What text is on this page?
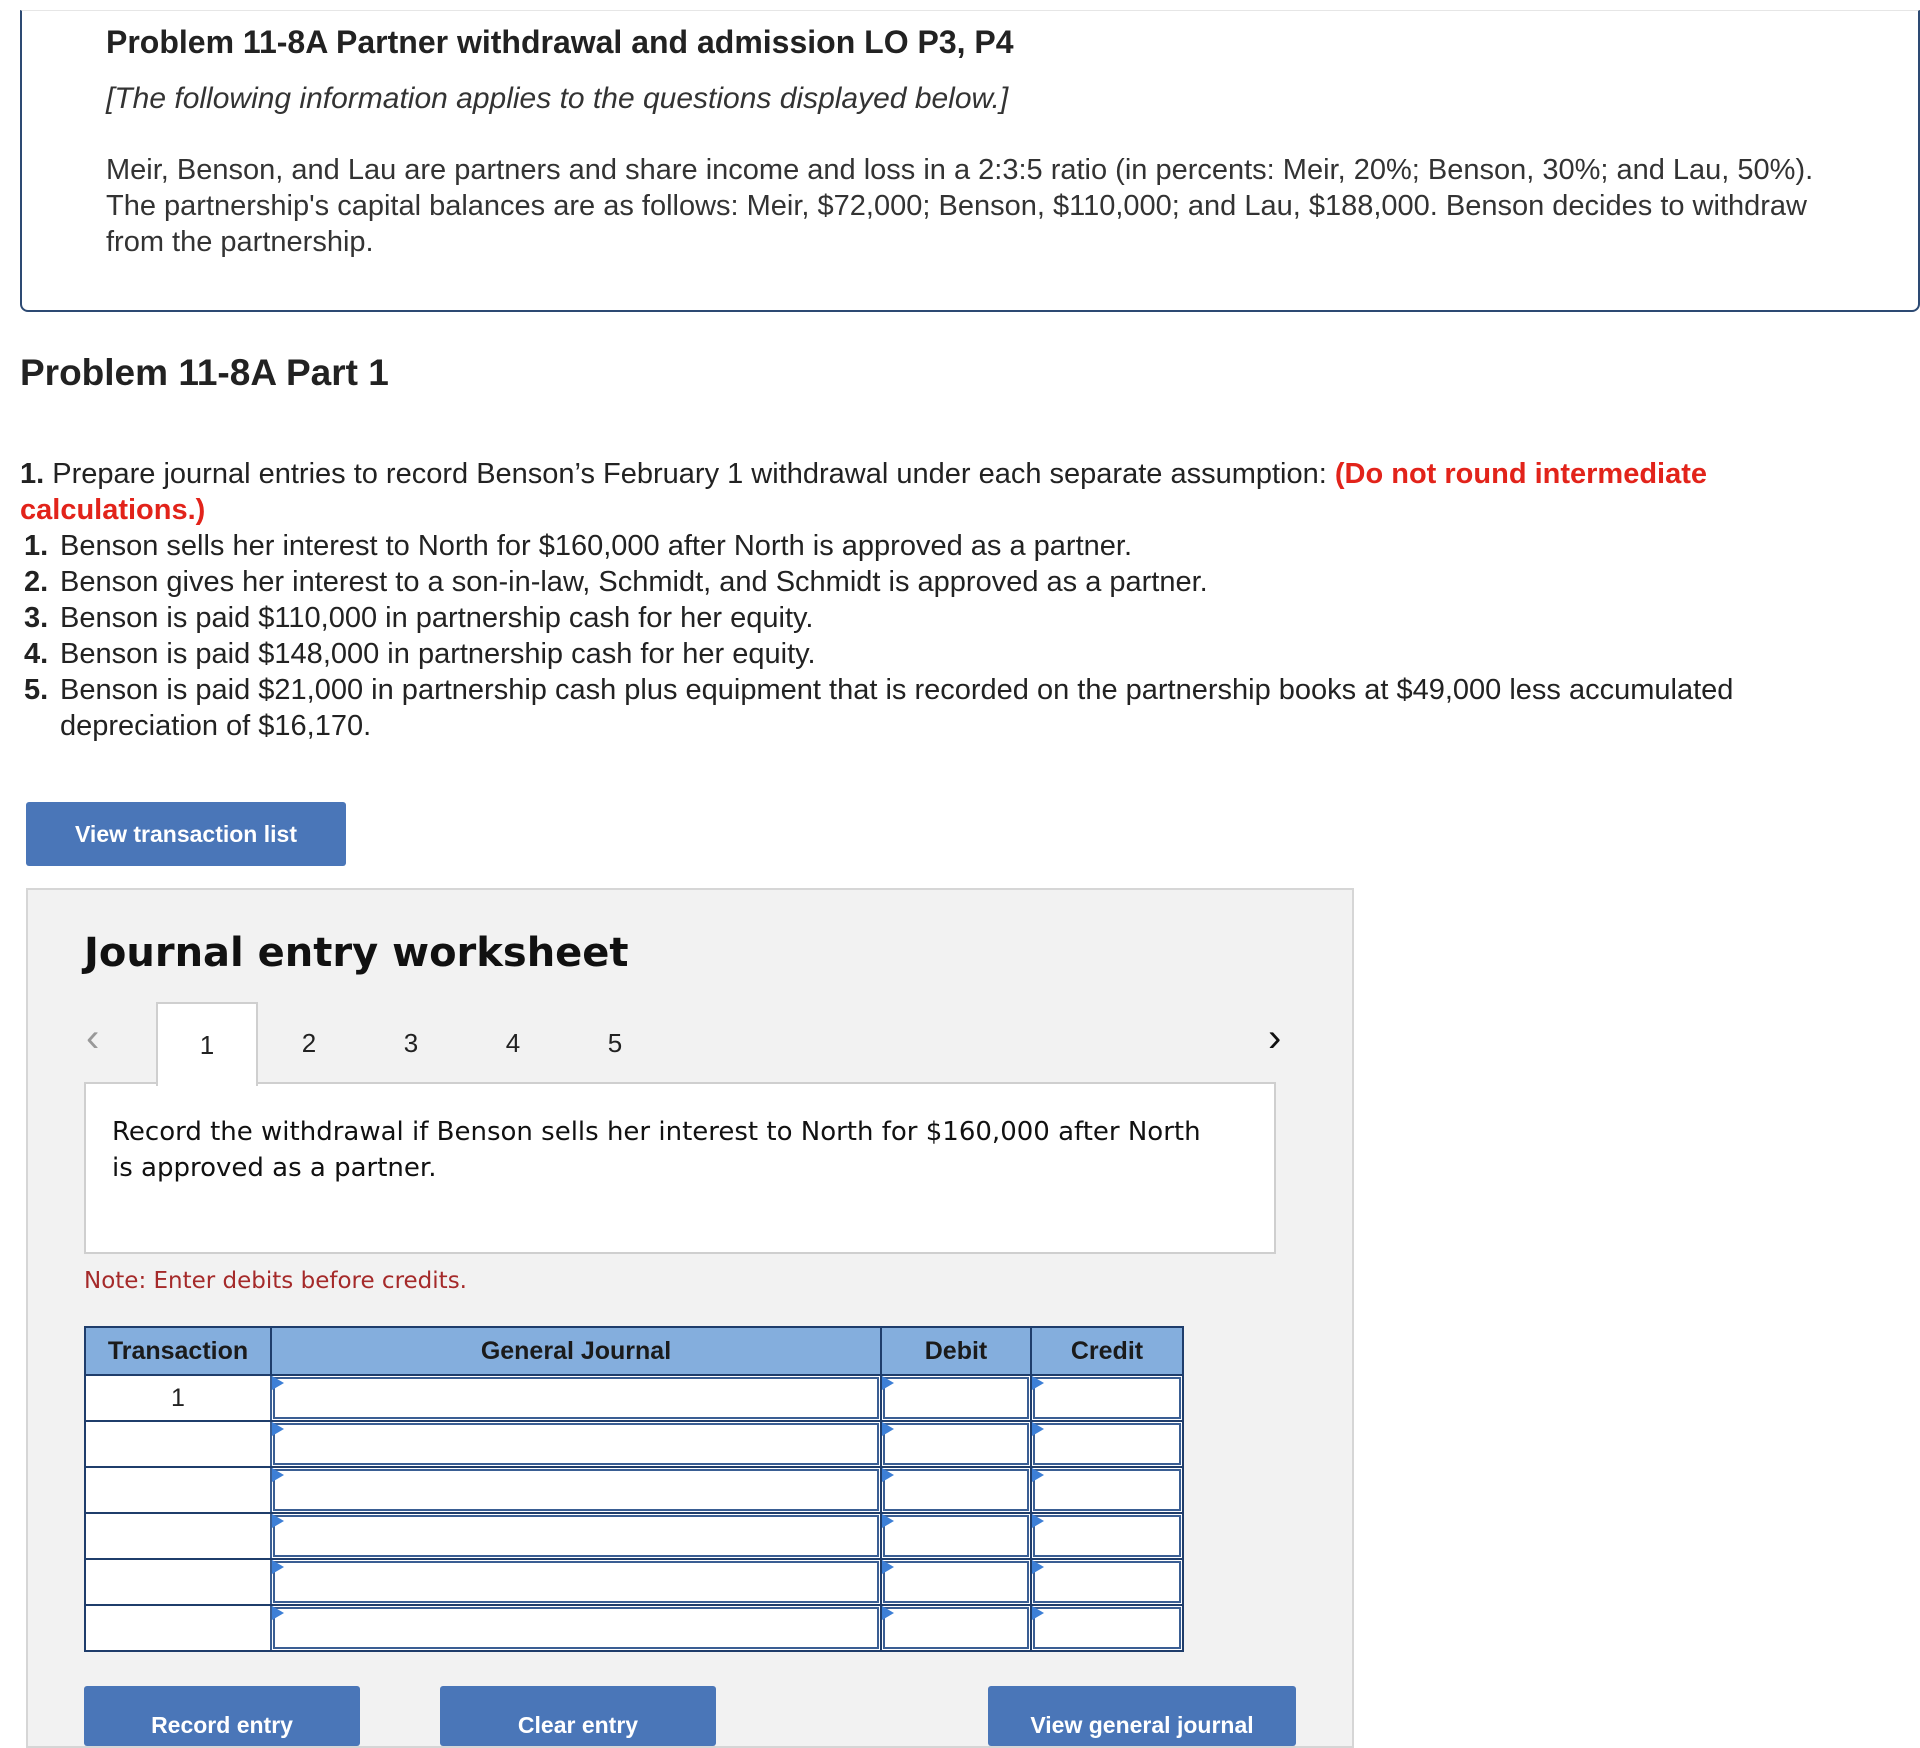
Problem 11-8A Partner withdrawal and admission LO P3, P4
[The following information applies to the questions displayed below.]
Meir, Benson, and Lau are partners and share income and loss in a 2:3:5 ratio (in percents: Meir, 20%; Benson, 30%; and Lau, 50%). The partnership's capital balances are as follows: Meir, $72,000; Benson, $110,000; and Lau, $188,000. Benson decides to withdraw from the partnership.
Problem 11-8A Part 1
1. Prepare journal entries to record Benson’s February 1 withdrawal under each separate assumption: (Do not round intermediate calculations.)
1. Benson sells her interest to North for $160,000 after North is approved as a partner.
2. Benson gives her interest to a son-in-law, Schmidt, and Schmidt is approved as a partner.
3. Benson is paid $110,000 in partnership cash for her equity.
4. Benson is paid $148,000 in partnership cash for her equity.
5. Benson is paid $21,000 in partnership cash plus equipment that is recorded on the partnership books at $49,000 less accumulated depreciation of $16,170.
View transaction list
Journal entry worksheet
‹	1	2	3	4	5	›
Record the withdrawal if Benson sells her interest to North for $160,000 after North is approved as a partner.
Note: Enter debits before credits.
Transaction	General Journal	Debit	Credit
1
Record entry	Clear entry	View general journal
